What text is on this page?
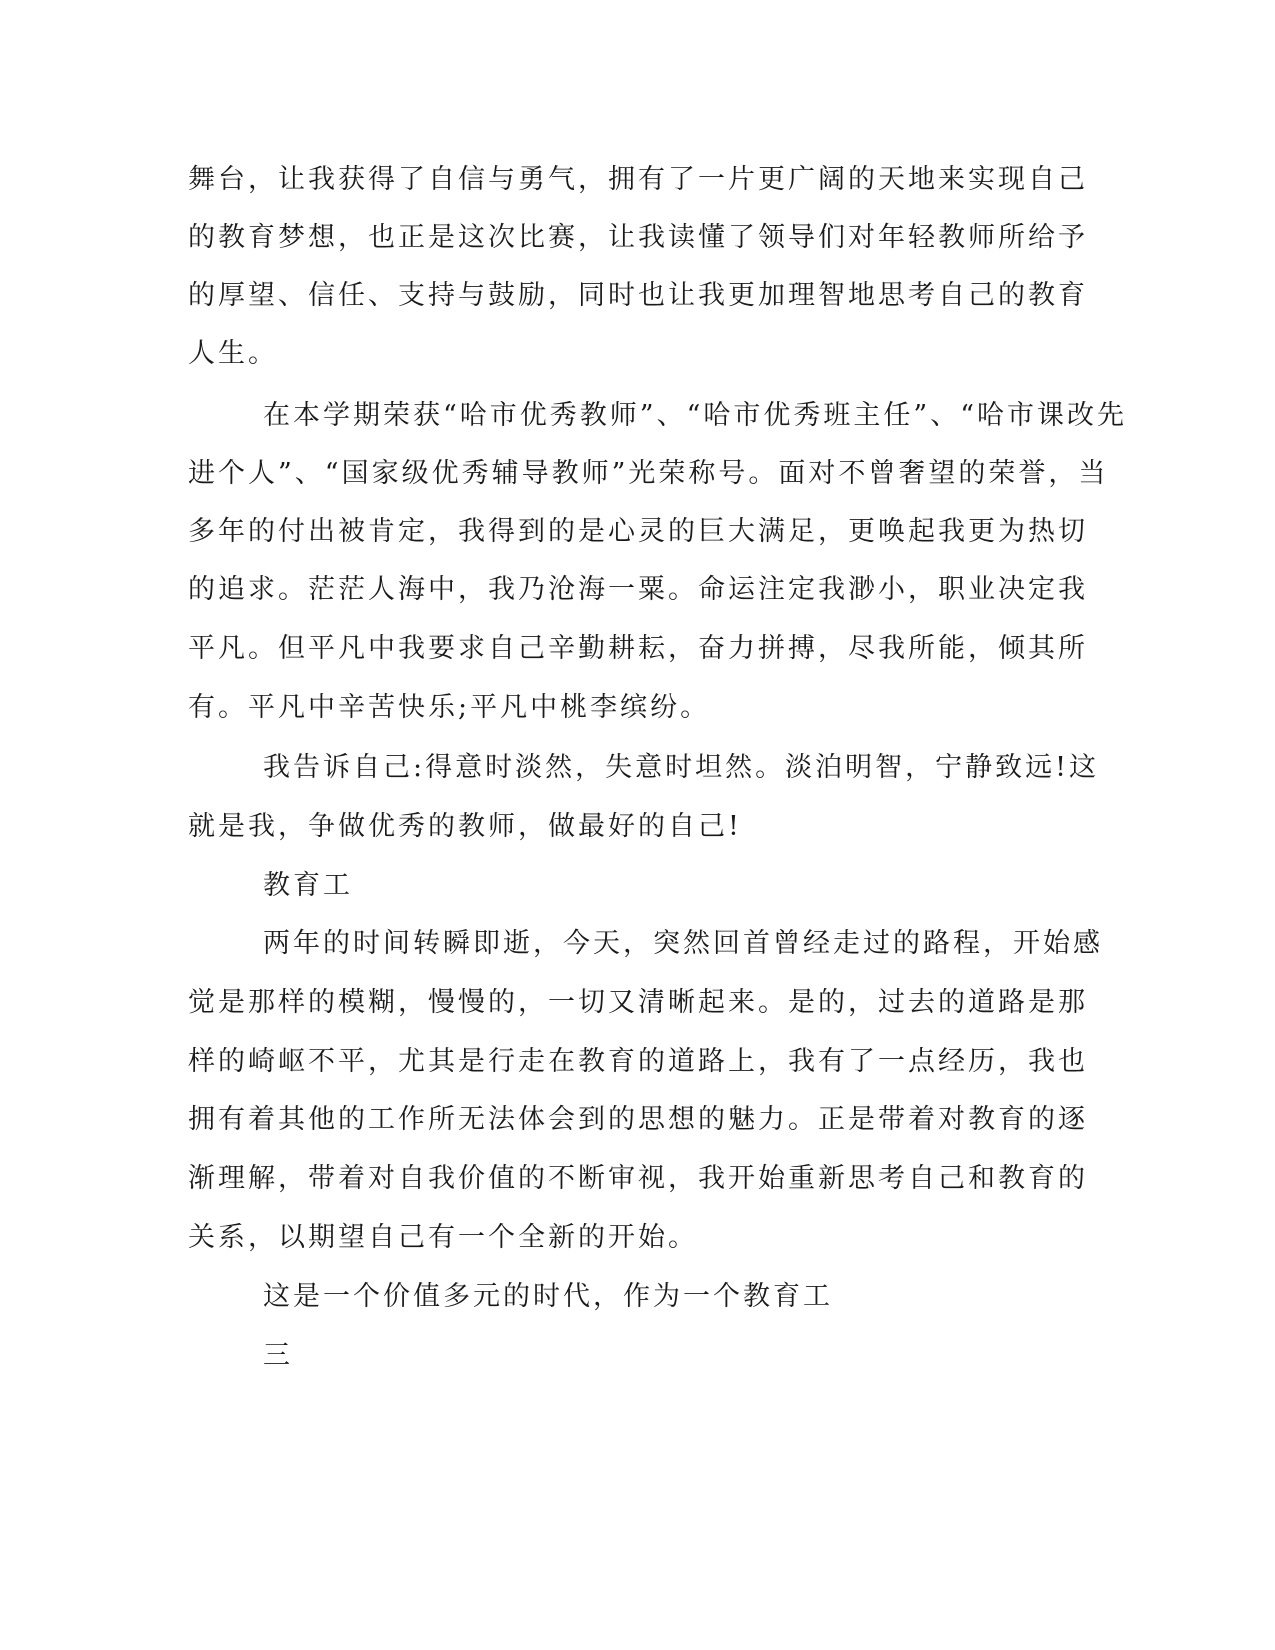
舞台，让我获得了自信与勇气，拥有了一片更广阔的天地来实现自己
的教育梦想，也正是这次比赛，让我读懂了领导们对年轻教师所给予
的厚望、信任、支持与鼓励，同时也让我更加理智地思考自己的教育
人生。
在本学期荣获“哈市优秀教师”、“哈市优秀班主任”、“哈市课改先
进个人”、“国家级优秀辅导教师”光荣称号。面对不曾奢望的荣誉，当
多年的付出被肯定，我得到的是心灵的巨大满足，更唤起我更为热切
的追求。茫茫人海中，我乃沧海一粟。命运注定我渺小，职业决定我
平凡。但平凡中我要求自己辛勤耕耘，奋力拼搏，尽我所能，倾其所
有。平凡中辛苦快乐;平凡中桃李缤纷。
我告诉自己:得意时淡然，失意时坦然。淡泊明智，宁静致远!这
就是我，争做优秀的教师，做最好的自己!
教育工
两年的时间转瞬即逝，今天，突然回首曾经走过的路程，开始感
觉是那样的模糊，慢慢的，一切又清晰起来。是的，过去的道路是那
样的崎岖不平，尤其是行走在教育的道路上，我有了一点经历，我也
拥有着其他的工作所无法体会到的思想的魅力。正是带着对教育的逐
渐理解，带着对自我价值的不断审视，我开始重新思考自己和教育的
关系，以期望自己有一个全新的开始。
这是一个价值多元的时代，作为一个教育工
三
